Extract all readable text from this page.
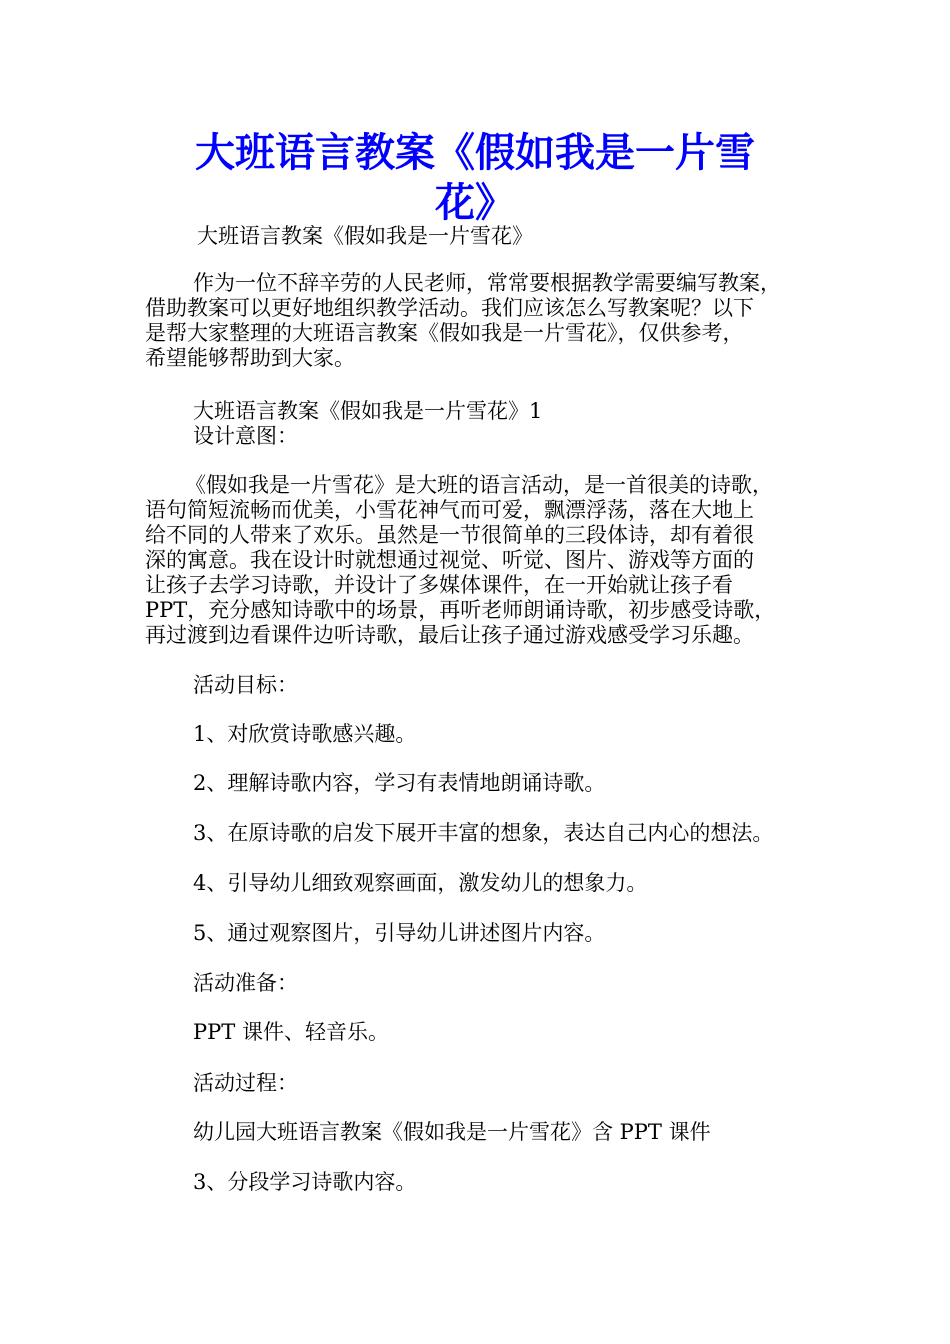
大班语言教案《假如我是一片雪
花》

大班语言教案《假如我是一片雪花》

作为一位不辞辛劳的人民老师，常常要根据教学需要编写教案，
借助教案可以更好地组织教学活动。我们应该怎么写教案呢？以下
是帮大家整理的大班语言教案《假如我是一片雪花》，仅供参考，
希望能够帮助到大家。

大班语言教案《假如我是一片雪花》1

设计意图：

《假如我是一片雪花》是大班的语言活动，是一首很美的诗歌，
语句简短流畅而优美，小雪花神气而可爱，飘漂浮荡，落在大地上
给不同的人带来了欢乐。虽然是一节很简单的三段体诗，却有着很
深的寓意。我在设计时就想通过视觉、听觉、图片、游戏等方面的
让孩子去学习诗歌，并设计了多媒体课件，在一开始就让孩子看
PPT，充分感知诗歌中的场景，再听老师朗诵诗歌，初步感受诗歌，
再过渡到边看课件边听诗歌，最后让孩子通过游戏感受学习乐趣。

活动目标：

1、对欣赏诗歌感兴趣。

2、理解诗歌内容，学习有表情地朗诵诗歌。

3、在原诗歌的启发下展开丰富的想象，表达自己内心的想法。

4、引导幼儿细致观察画面，激发幼儿的想象力。

5、通过观察图片，引导幼儿讲述图片内容。

活动准备：

PPT 课件、轻音乐。

活动过程：

幼儿园大班语言教案《假如我是一片雪花》含 PPT 课件

3、分段学习诗歌内容。
